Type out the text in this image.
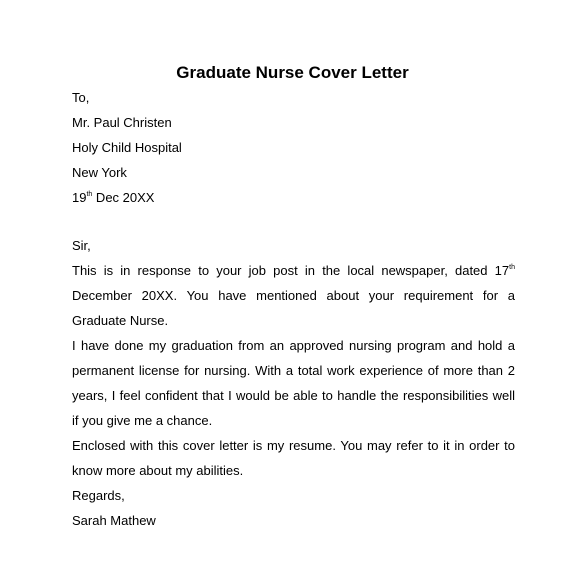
Graduate Nurse Cover Letter
To,
Mr. Paul Christen
Holy Child Hospital
New York
19th Dec 20XX
Sir,
This is in response to your job post in the local newspaper, dated 17th December 20XX. You have mentioned about your requirement for a Graduate Nurse.
I have done my graduation from an approved nursing program and hold a permanent license for nursing. With a total work experience of more than 2 years, I feel confident that I would be able to handle the responsibilities well if you give me a chance.
Enclosed with this cover letter is my resume. You may refer to it in order to know more about my abilities.
Regards,
Sarah Mathew
